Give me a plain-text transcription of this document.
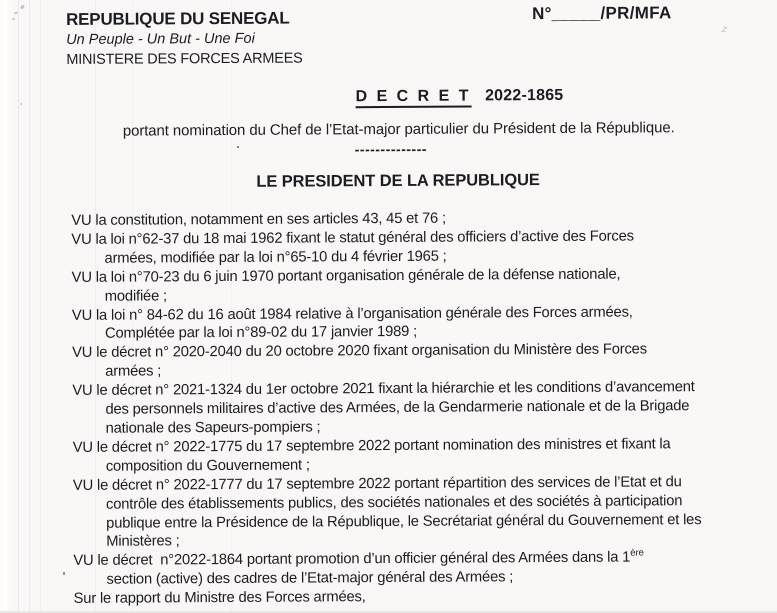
z
REPUBLIQUE DU SENEGAL
Un Peuple - Un But - Une Foi
MINISTERE DES FORCES ARMEES
N°_____/PR/MFA
D E C R E T 2022-1865
portant nomination du Chef de l’Etat-major particulier du Président de la République.
--------------
LE PRESIDENT DE LA REPUBLIQUE
VU la constitution, notamment en ses articles 43, 45 et 76 ;
VU la loi n°62-37 du 18 mai 1962 fixant le statut général des officiers d’active des Forces
armées, modifiée par la loi n°65-10 du 4 février 1965 ;
VU la loi n°70-23 du 6 juin 1970 portant organisation générale de la défense nationale,
modifiée ;
VU la loi n° 84-62 du 16 août 1984 relative à l’organisation générale des Forces armées,
Complétée par la loi n°89-02 du 17 janvier 1989 ;
VU le décret n° 2020-2040 du 20 octobre 2020 fixant organisation du Ministère des Forces
armées ;
VU le décret n° 2021-1324 du 1er octobre 2021 fixant la hiérarchie et les conditions d’avancement
des personnels militaires d’active des Armées, de la Gendarmerie nationale et de la Brigade
nationale des Sapeurs-pompiers ;
VU le décret n° 2022-1775 du 17 septembre 2022 portant nomination des ministres et fixant la
composition du Gouvernement ;
VU le décret n° 2022-1777 du 17 septembre 2022 portant répartition des services de l’Etat et du
contrôle des établissements publics, des sociétés nationales et des sociétés à participation
publique entre la Présidence de la République, le Secrétariat général du Gouvernement et les
Ministères ;
VU le décret  n°2022-1864 portant promotion d’un officier général des Armées dans la 1ère
section (active) des cadres de l’Etat-major général des Armées ;
Sur le rapport du Ministre des Forces armées,
